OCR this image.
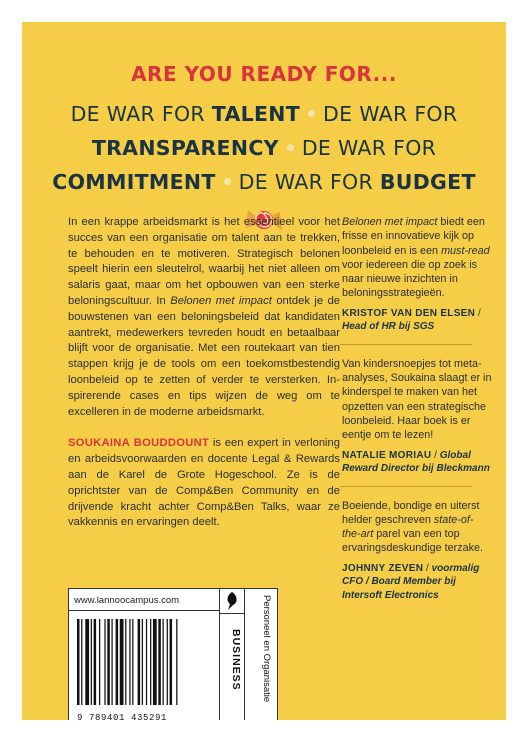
ARE YOU READY FOR...
DE WAR FOR TALENT DE WAR FOR
TRANSPARENCY DE WAR FOR
COMMITMENT DE WAR FOR BUDGET

In een krappe arbeidsmarkt is het essentieel voor het succes van een organisatie om talent aan te trekken, te behouden en te motiveren. Strategisch belonen speelt hierin een sleutelrol, waarbij het niet alleen om salaris gaat, maar om het opbouwen van een sterke beloningscultuur. In Belonen met impact ontdek je de bouwstenen van een beloningsbeleid dat kandidaten aantrekt, medewerkers tevreden houdt en betaalbaar blijft voor de organisatie. Met een routekaart van tien stappen krijg je de tools om een toekomstbestendig loonbeleid op te zetten of verder te versterken. Inspirerende cases en tips wijzen de weg om te excelleren in de moderne arbeidsmarkt.

SOUKAINA BOUDDOUNT is een expert in verloning en arbeidsvoorwaarden en docente Legal & Rewards aan de Karel de Grote Hogeschool. Ze is de oprichtster van de Comp&Ben Community en de drijvende kracht achter Comp&Ben Talks, waar ze vakkennis en ervaringen deelt.

Belonen met impact biedt een frisse en innovatieve kijk op loonbeleid en is een must-read voor iedereen die op zoek is naar nieuwe inzichten in beloningsstrategieën.

KRISTOF VAN DEN ELSEN / Head of HR bij SGS

Van kindersnoepjes tot meta-analyses, Soukaina slaagt er in kinderspel te maken van het opzetten van een strategische loonbeleid. Haar boek is er eentje om te lezen!

NATALIE MORIAU / Global Reward Director bij Bleckmann

Boeiende, bondige en uiterst helder geschreven state-of-the-art parel van een top ervaringsdeskundige terzake.

JOHNNY ZEVEN / voormalig CFO / Board Member bij Intersoft Electronics

www.lannoocampus.com
9 789401 435291
BUSINESS Personeel en Organisatie
